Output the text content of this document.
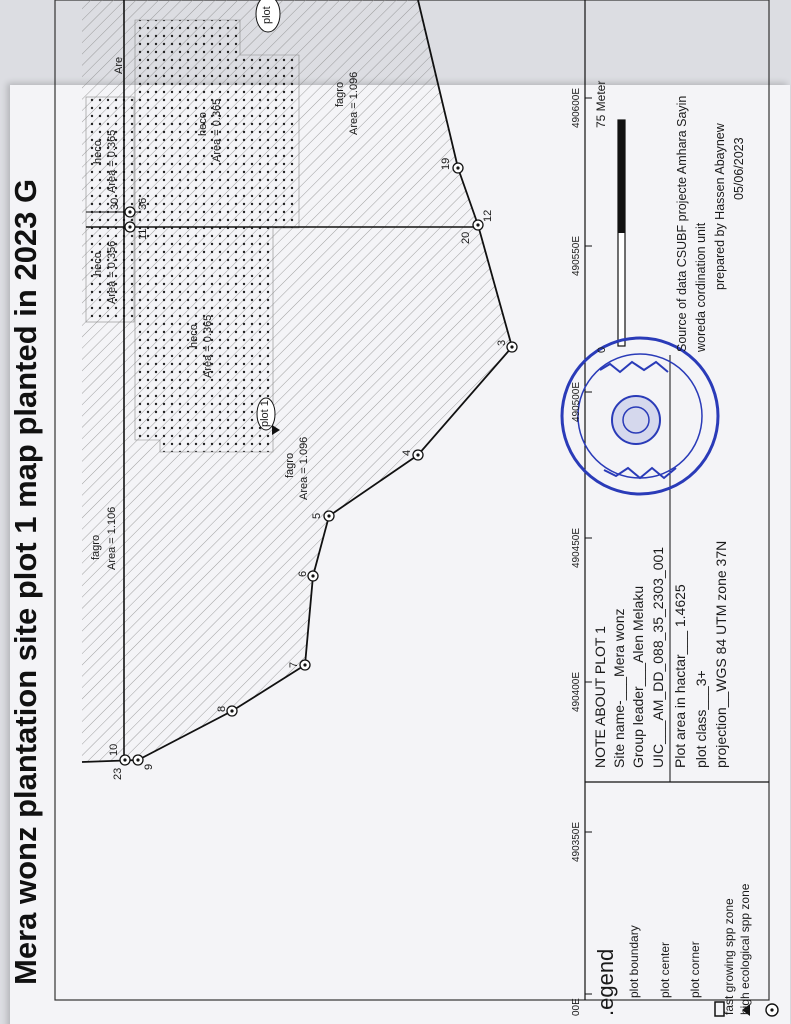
Mera wonz plantation site plot 1 map planted in 2023 G	fagro Area = 1.106
fagro Area = 1.096
fagro Area = 1.096
heco Area = 0.365
heco Area = 0.365
heco Area = 0.356
heco Area = 0.365
plot 1
plot
Are
23
10
9
8
7
6
5
4
3
20
12
19
11
30 36
00E
490350E
490400E
490450E
490500E
490550E
490600E
0
75 Meter
.egend plot boundary plot center plot corner fast growing spp zone high ecological spp zone
NOTE ABOUT PLOT 1 Site name-___Mera wonz Group leader___Alen Melaku UIC___AM_DD_088_35_2303_001 Plot area in hactar___ 1.4625 plot class___3+ projection__WGS 84 UTM zone 37N
Source of data CSUBF projecte Amhara Sayin woreda cordination unit prepared by Hassen Abaynew 05/06/2023
